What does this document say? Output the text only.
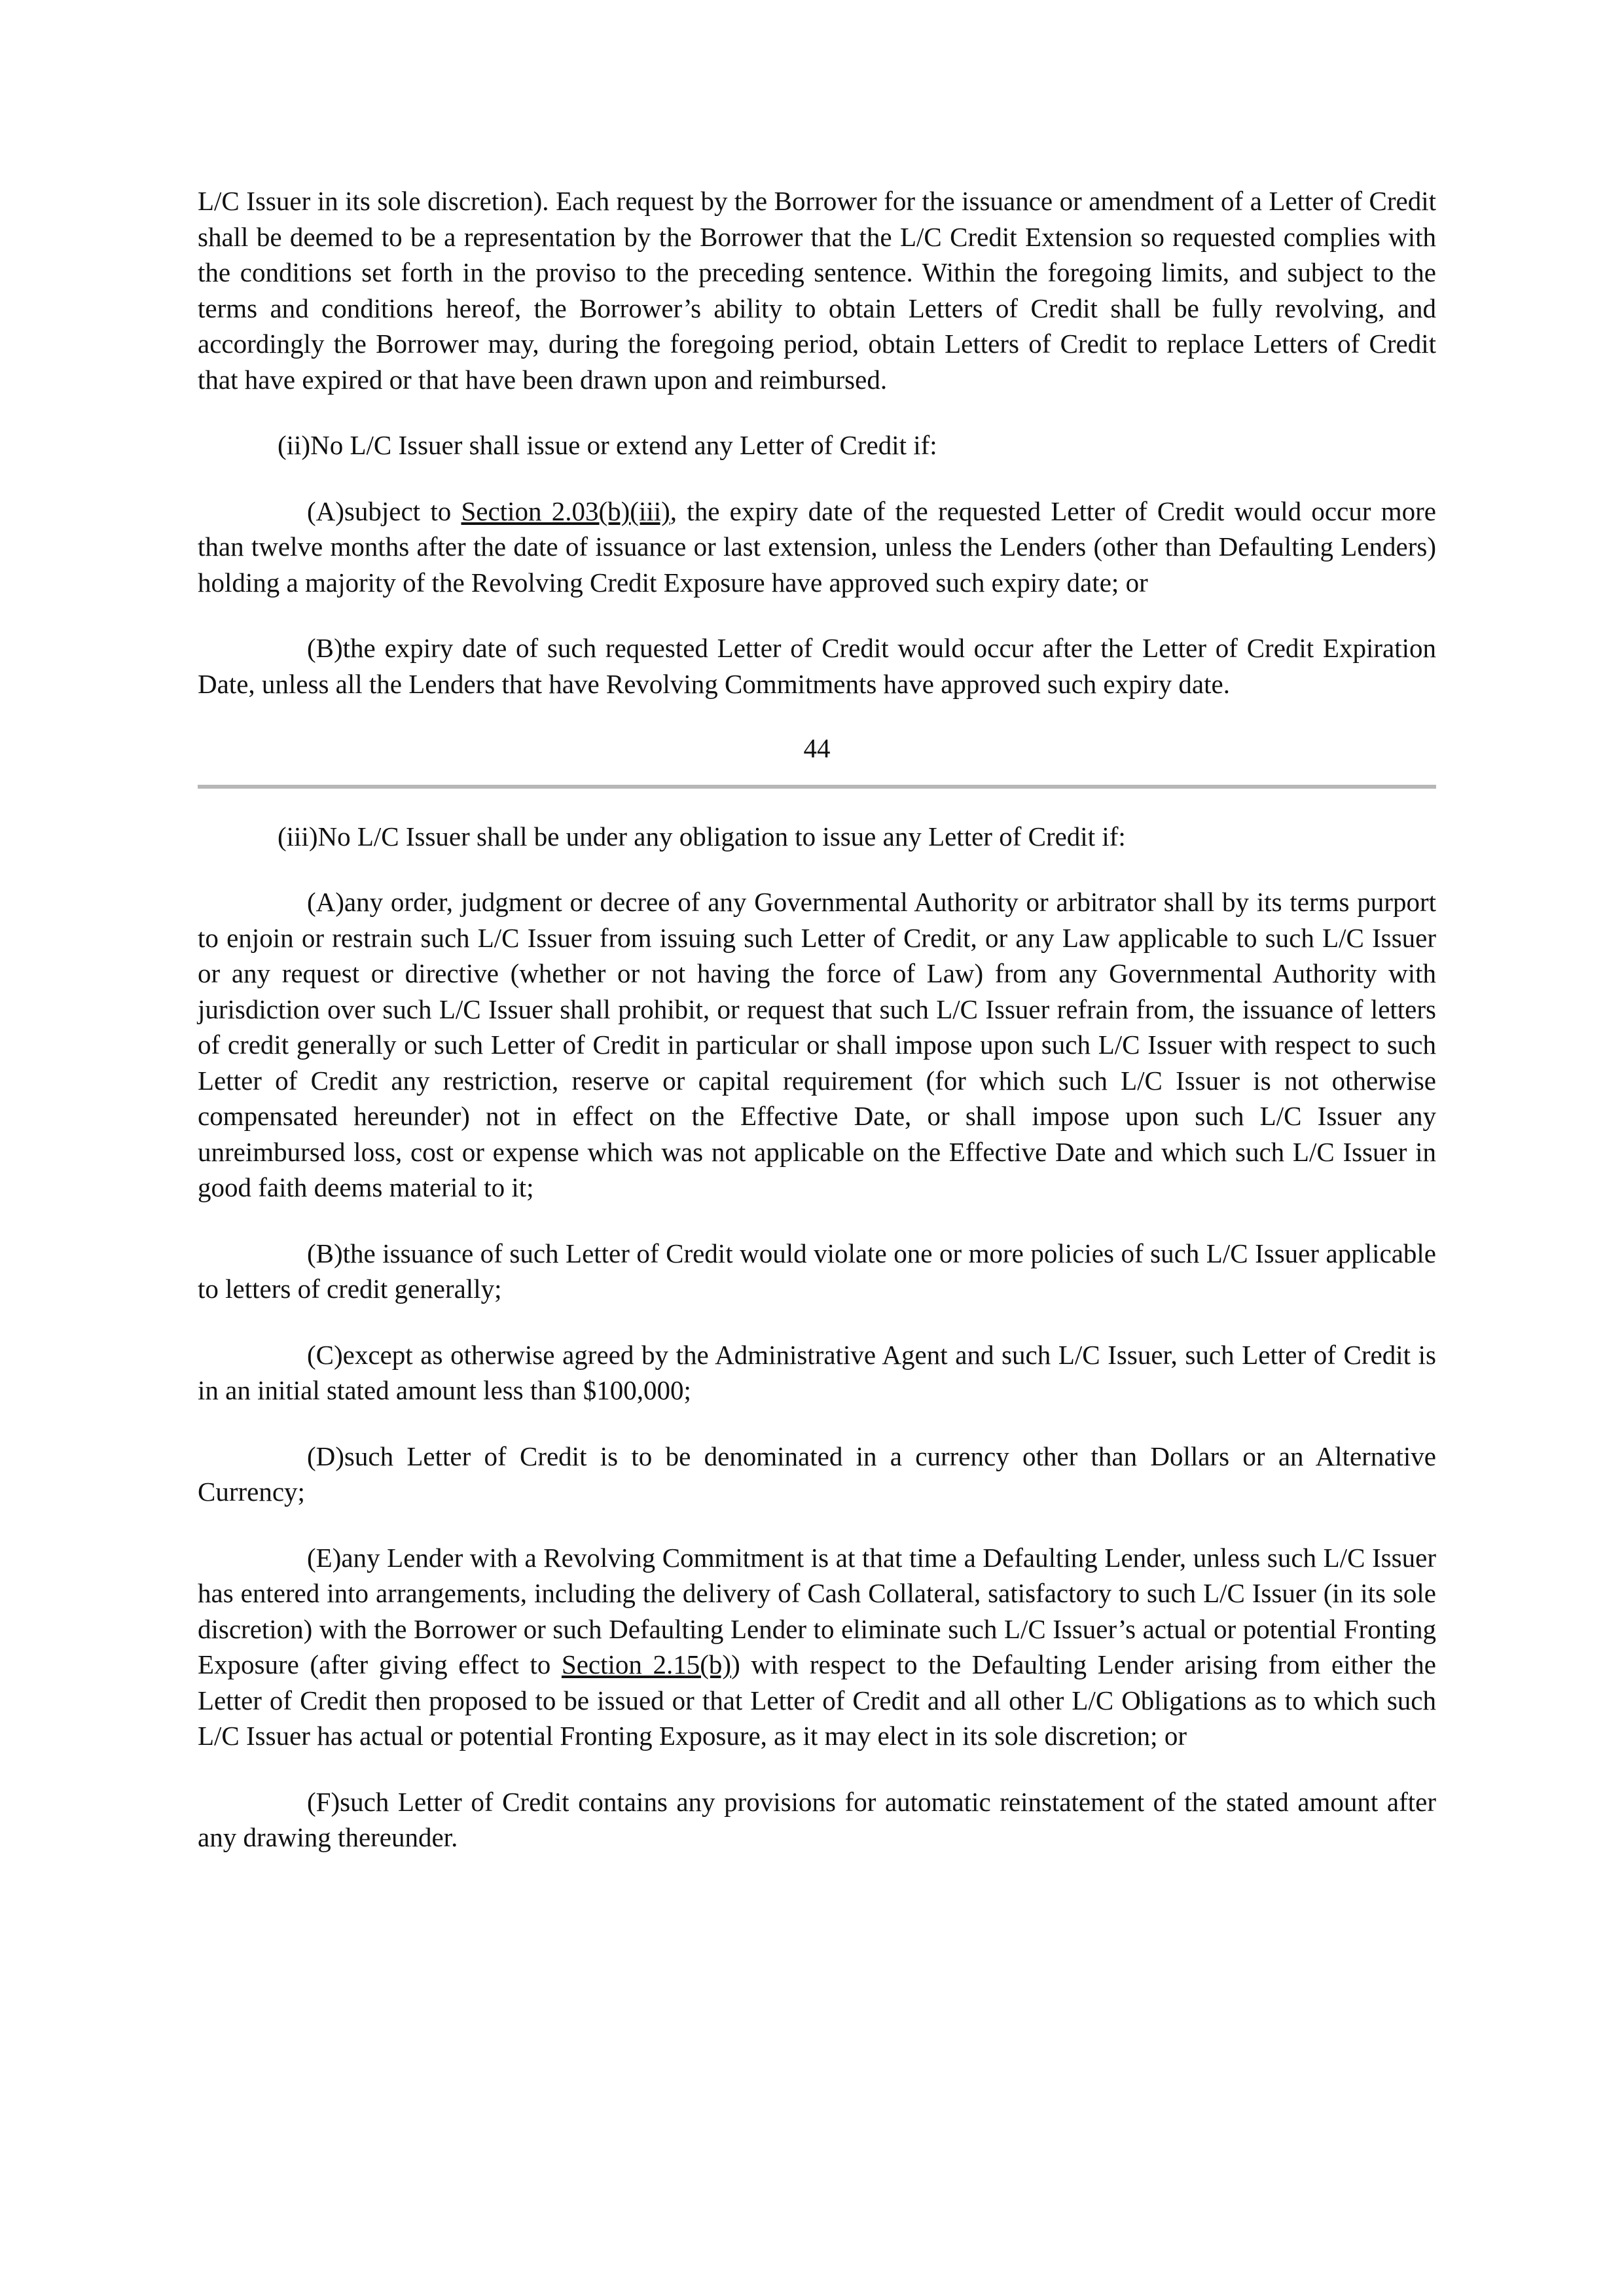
L/C Issuer in its sole discretion). Each request by the Borrower for the issuance or amendment of a Letter of Credit shall be deemed to be a representation by the Borrower that the L/C Credit Extension so requested complies with the conditions set forth in the proviso to the preceding sentence. Within the foregoing limits, and subject to the terms and conditions hereof, the Borrower’s ability to obtain Letters of Credit shall be fully revolving, and accordingly the Borrower may, during the foregoing period, obtain Letters of Credit to replace Letters of Credit that have expired or that have been drawn upon and reimbursed.

(ii)No L/C Issuer shall issue or extend any Letter of Credit if:

(A)subject to Section 2.03(b)(iii), the expiry date of the requested Letter of Credit would occur more than twelve months after the date of issuance or last extension, unless the Lenders (other than Defaulting Lenders) holding a majority of the Revolving Credit Exposure have approved such expiry date; or

(B)the expiry date of such requested Letter of Credit would occur after the Letter of Credit Expiration Date, unless all the Lenders that have Revolving Commitments have approved such expiry date.

44

(iii)No L/C Issuer shall be under any obligation to issue any Letter of Credit if:

(A)any order, judgment or decree of any Governmental Authority or arbitrator shall by its terms purport to enjoin or restrain such L/C Issuer from issuing such Letter of Credit, or any Law applicable to such L/C Issuer or any request or directive (whether or not having the force of Law) from any Governmental Authority with jurisdiction over such L/C Issuer shall prohibit, or request that such L/C Issuer refrain from, the issuance of letters of credit generally or such Letter of Credit in particular or shall impose upon such L/C Issuer with respect to such Letter of Credit any restriction, reserve or capital requirement (for which such L/C Issuer is not otherwise compensated hereunder) not in effect on the Effective Date, or shall impose upon such L/C Issuer any unreimbursed loss, cost or expense which was not applicable on the Effective Date and which such L/C Issuer in good faith deems material to it;

(B)the issuance of such Letter of Credit would violate one or more policies of such L/C Issuer applicable to letters of credit generally;

(C)except as otherwise agreed by the Administrative Agent and such L/C Issuer, such Letter of Credit is in an initial stated amount less than $100,000;

(D)such Letter of Credit is to be denominated in a currency other than Dollars or an Alternative Currency;

(E)any Lender with a Revolving Commitment is at that time a Defaulting Lender, unless such L/C Issuer has entered into arrangements, including the delivery of Cash Collateral, satisfactory to such L/C Issuer (in its sole discretion) with the Borrower or such Defaulting Lender to eliminate such L/C Issuer’s actual or potential Fronting Exposure (after giving effect to Section 2.15(b)) with respect to the Defaulting Lender arising from either the Letter of Credit then proposed to be issued or that Letter of Credit and all other L/C Obligations as to which such L/C Issuer has actual or potential Fronting Exposure, as it may elect in its sole discretion; or

(F)such Letter of Credit contains any provisions for automatic reinstatement of the stated amount after any drawing thereunder.
